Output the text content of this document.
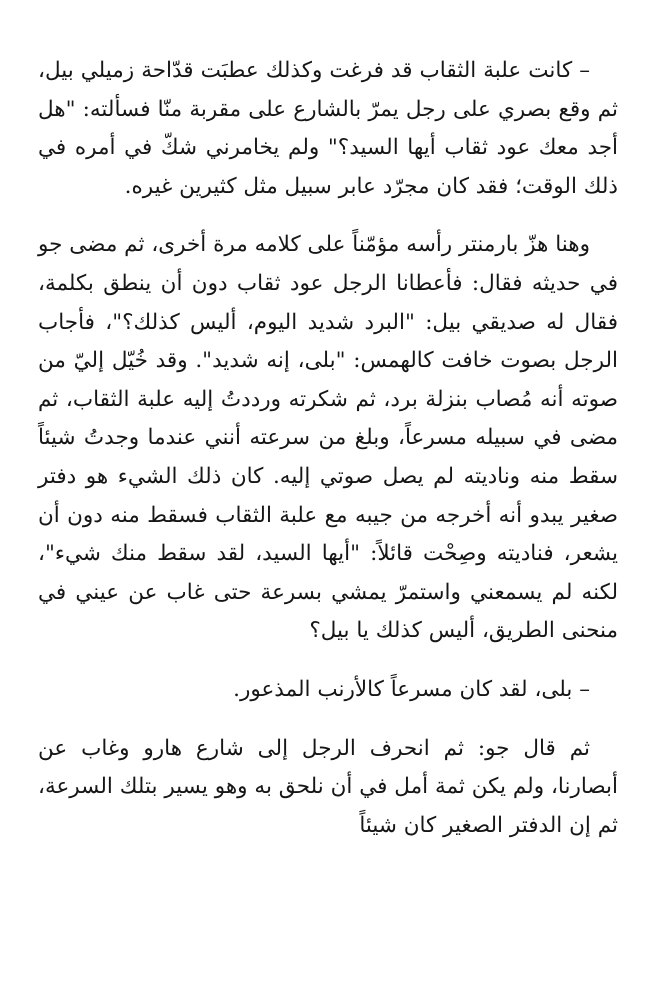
– كانت علبة الثقاب قد فرغت وكذلك عطبَت قدّاحة زميلي بيل، ثم وقع بصري على رجل يمرّ بالشارع على مقربة منّا فسألته: "هل أجد معك عود ثقاب أيها السيد؟" ولم يخامرني شكّ في أمره في ذلك الوقت؛ فقد كان مجرّد عابر سبيل مثل كثيرين غيره.

وهنا هزّ بارمنتر رأسه مؤمّناً على كلامه مرة أخرى، ثم مضى جو في حديثه فقال: فأعطانا الرجل عود ثقاب دون أن ينطق بكلمة، فقال له صديقي بيل: "البرد شديد اليوم، أليس كذلك؟"، فأجاب الرجل بصوت خافت كالهمس: "بلى، إنه شديد". وقد خُيّل إليّ من صوته أنه مُصاب بنزلة برد، ثم شكرته ورددتُ إليه علبة الثقاب، ثم مضى في سبيله مسرعاً، وبلغ من سرعته أنني عندما وجدتُ شيئاً سقط منه وناديته لم يصل صوتي إليه. كان ذلك الشيء هو دفتر صغير يبدو أنه أخرجه من جيبه مع علبة الثقاب فسقط منه دون أن يشعر، فناديته وصِحْت قائلاً: "أيها السيد، لقد سقط منك شيء"، لكنه لم يسمعني واستمرّ يمشي بسرعة حتى غاب عن عيني في منحنى الطريق، أليس كذلك يا بيل؟

– بلى، لقد كان مسرعاً كالأرنب المذعور.

ثم قال جو: ثم انحرف الرجل إلى شارع هارو وغاب عن أبصارنا، ولم يكن ثمة أمل في أن نلحق به وهو يسير بتلك السرعة، ثم إن الدفتر الصغير كان شيئاً
